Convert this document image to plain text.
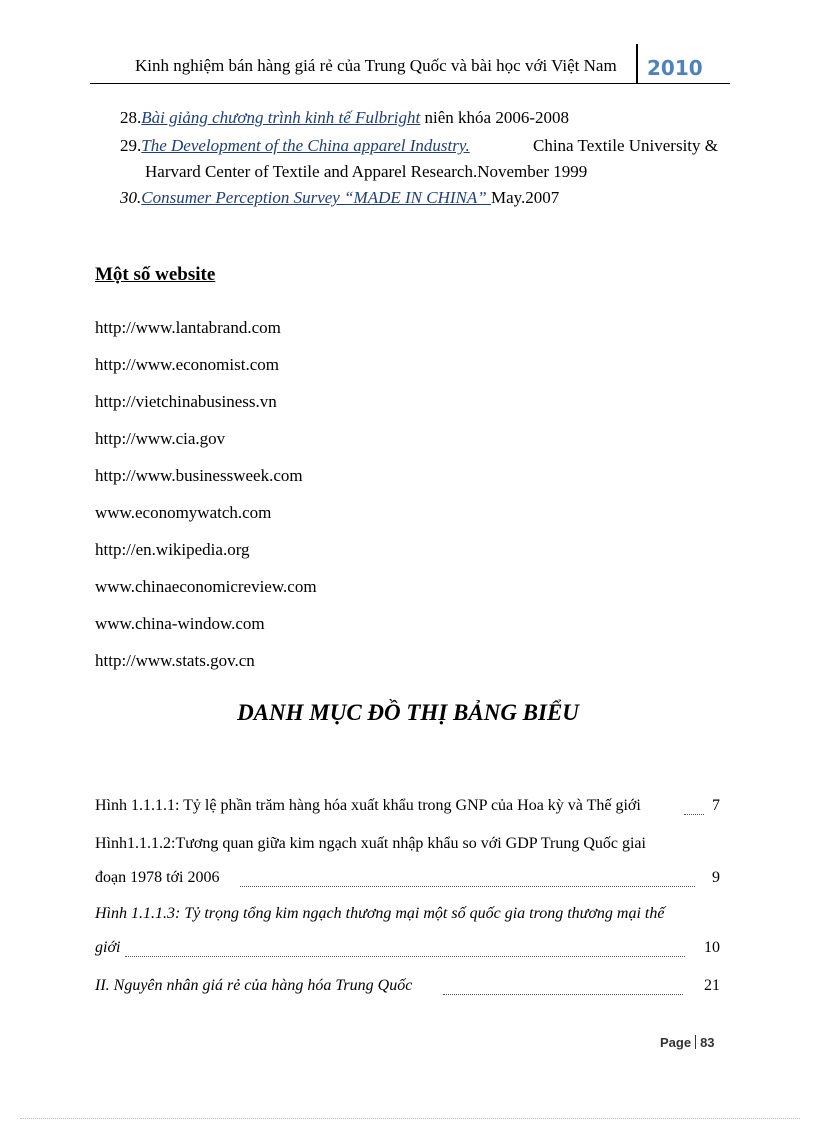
Kinh nghiệm bán hàng giá rẻ của Trung Quốc và bài học với Việt Nam 2010
28.Bài giảng chương trình kinh tế Fulbright niên khóa 2006-2008
29.The Development of the China apparel Industry.	China Textile University &
Harvard Center of Textile and Apparel Research.November 1999
30.Consumer Perception Survey “MADE IN CHINA” May.2007
Một số website
http://www.lantabrand.com
http://www.economist.com
http://vietchinabusiness.vn
http://www.cia.gov
http://www.businessweek.com
www.economywatch.com
http://en.wikipedia.org
www.chinaeconomicreview.com
www.china-window.com
http://www.stats.gov.cn
DANH MỤC ĐỒ THỊ BẢNG BIỂU
Hình 1.1.1.1: Tỷ lệ phần trăm hàng hóa xuất khẩu trong GNP của Hoa kỳ và Thế giới	7
Hình1.1.1.2:Tương quan giữa kim ngạch xuất nhập khẩu so với GDP Trung Quốc giai
đoạn 1978 tới 2006	9
Hình 1.1.1.3: Tỷ trọng tổng kim ngạch thương mại một số quốc gia trong thương mại thế
giới	10
II. Nguyên nhân giá rẻ của hàng hóa Trung Quốc	21
Page 83
